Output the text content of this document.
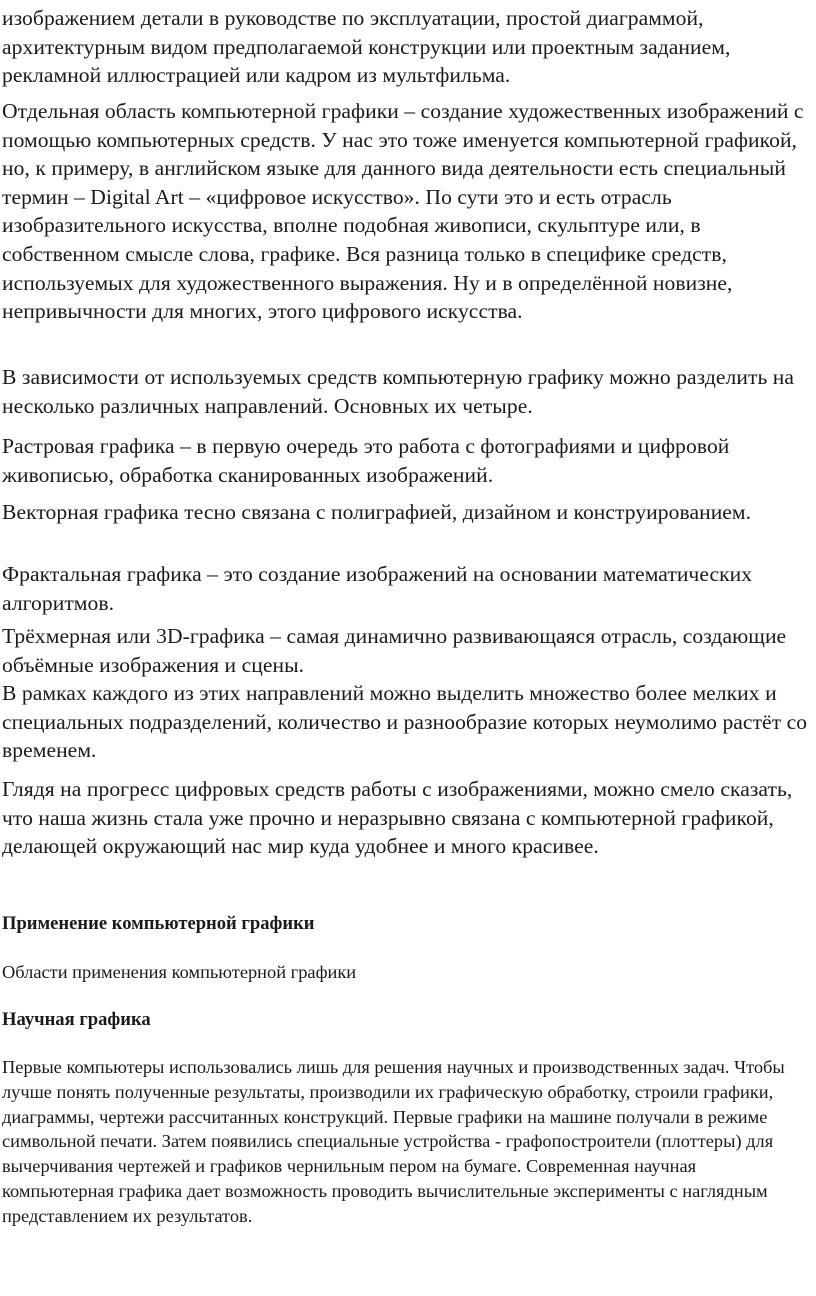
изображением детали в руководстве по эксплуатации, простой диаграммой, архитектурным видом предполагаемой конструкции или проектным заданием, рекламной иллюстрацией или кадром из мультфильма.

Отдельная область компьютерной графики – создание художественных изображений с помощью компьютерных средств. У нас это тоже именуется компьютерной графикой, но, к примеру, в английском языке для данного вида деятельности есть специальный термин – Digital Art – «цифровое искусство». По сути это и есть отрасль изобразительного искусства, вполне подобная живописи, скульптуре или, в собственном смысле слова, графике. Вся разница только в специфике средств, используемых для художественного выражения. Ну и в определённой новизне, непривычности для многих, этого цифрового искусства.

В зависимости от используемых средств компьютерную графику можно разделить на несколько различных направлений. Основных их четыре.

Растровая графика – в первую очередь это работа с фотографиями и цифровой живописью, обработка сканированных изображений.

Векторная графика тесно связана с полиграфией, дизайном и конструированием.

Фрактальная графика – это создание изображений на основании математических алгоритмов.

Трёхмерная или 3D-графика – самая динамично развивающаяся отрасль, создающие объёмные изображения и сцены.

В рамках каждого из этих направлений можно выделить множество более мелких и специальных подразделений, количество и разнообразие которых неумолимо растёт со временем.

Глядя на прогресс цифровых средств работы с изображениями, можно смело сказать, что наша жизнь стала уже прочно и неразрывно связана с компьютерной графикой, делающей окружающий нас мир куда удобнее и много красивее.

Применение компьютерной графики

Области применения компьютерной графики

Научная графика

Первые компьютеры использовались лишь для решения научных и производственных задач. Чтобы лучше понять полученные результаты, производили их графическую обработку, строили графики, диаграммы, чертежи рассчитанных конструкций. Первые графики на машине получали в режиме символьной печати. Затем появились специальные устройства - графопостроители (плоттеры) для вычерчивания чертежей и графиков чернильным пером на бумаге. Современная научная компьютерная графика дает возможность проводить вычислительные эксперименты с наглядным представлением их результатов.
